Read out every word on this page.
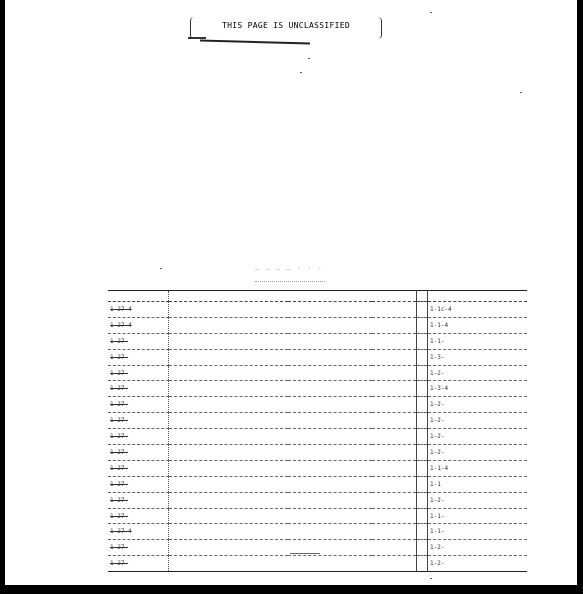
THIS PAGE IS UNCLASSIFIED
— — — — · · ·

1-27-4					1-1c-4
1-27-4					1-1-4
1-27-					1-1-
1-27-					1-3-
1-27-					1-2-
1-27-					1-3-4
1-27-					1-2-
1-27-					1-2-
1-27-					1-2-
1-27-					1-2-
1-27-					1-1-4
1-27-					1-1
1-27-					1-2-
1-27-					1-1-
1-27-4					1-1-
1-27-					1-2-
1-27-					1-2-
